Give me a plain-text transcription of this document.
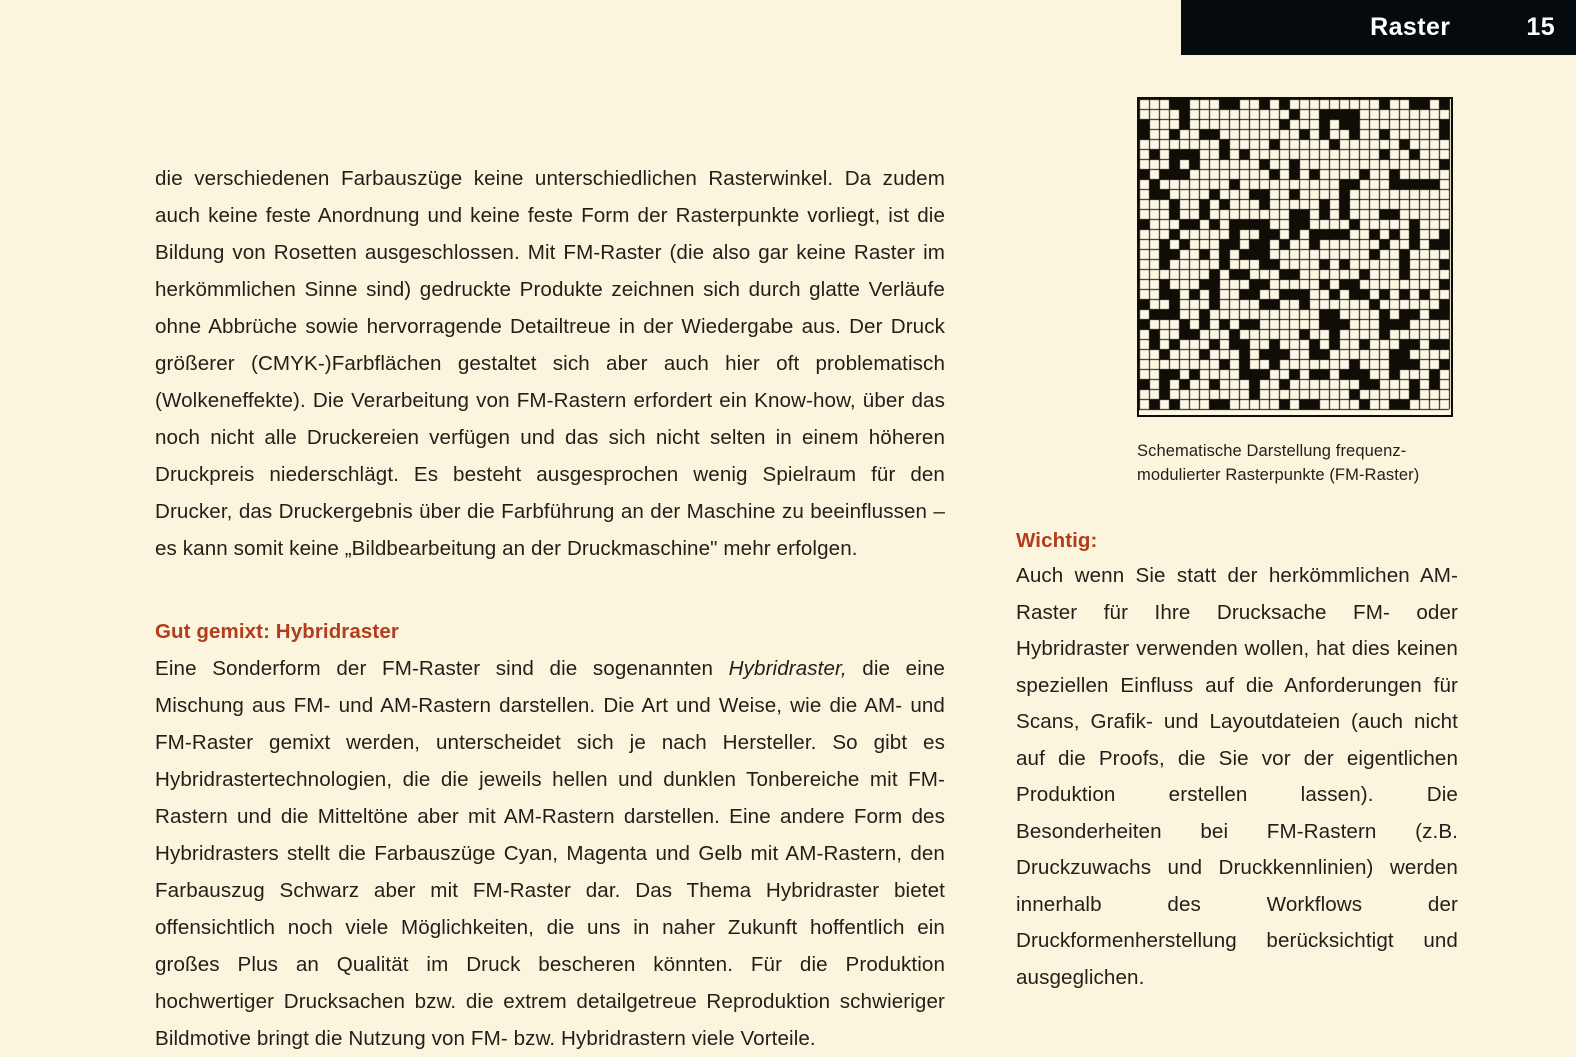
Raster	15

die verschiedenen Farbauszüge keine unterschiedlichen Rasterwinkel. Da zudem auch keine feste Anordnung und keine feste Form der Rasterpunkte vorliegt, ist die Bildung von Rosetten ausgeschlossen. Mit FM-Raster (die also gar keine Raster im herkömmlichen Sinne sind) gedruckte Produkte zeichnen sich durch glatte Verläufe ohne Abbrüche sowie hervorragende Detailtreue in der Wiedergabe aus. Der Druck größerer (CMYK-)Farbflächen gestaltet sich aber auch hier oft problematisch (Wolkeneffekte). Die Verarbeitung von FM-Rastern erfordert ein Know-how, über das noch nicht alle Druckereien verfügen und das sich nicht selten in einem höheren Druckpreis niederschlägt. Es besteht ausgesprochen wenig Spielraum für den Drucker, das Druckergebnis über die Farbführung an der Maschine zu beeinflussen – es kann somit keine „Bildbearbeitung an der Druckmaschine" mehr erfolgen.

Gut gemixt: Hybridraster

Eine Sonderform der FM-Raster sind die sogenannten Hybridraster, die eine Mischung aus FM- und AM-Rastern darstellen. Die Art und Weise, wie die AM- und FM-Raster gemixt werden, unterscheidet sich je nach Hersteller. So gibt es Hybridrastertechnologien, die die jeweils hellen und dunklen Tonbereiche mit FM-Rastern und die Mitteltöne aber mit AM-Rastern darstellen. Eine andere Form des Hybridrasters stellt die Farbauszüge Cyan, Magenta und Gelb mit AM-Rastern, den Farbauszug Schwarz aber mit FM-Raster dar. Das Thema Hybridraster bietet offensichtlich noch viele Möglichkeiten, die uns in naher Zukunft hoffentlich ein großes Plus an Qualität im Druck bescheren könnten. Für die Produktion hochwertiger Drucksachen bzw. die extrem detailgetreue Reproduktion schwieriger Bildmotive bringt die Nutzung von FM- bzw. Hybridrastern viele Vorteile.

Wichtig:

Auch wenn Sie statt der herkömmlichen AM-Raster für Ihre Drucksache FM- oder Hybridraster verwenden wollen, hat dies keinen speziellen Einfluss auf die Anforderungen für Scans, Grafik- und Layoutdateien (auch nicht auf die Proofs, die Sie vor der eigentlichen Produktion erstellen lassen). Die Besonderheiten bei FM-Rastern (z.B. Druckzuwachs und Druckkennlinien) werden innerhalb des Workflows der Druckformenherstellung berücksichtigt und ausgeglichen.

Schematische Darstellung frequenz-modulierter Rasterpunkte (FM-Raster)
